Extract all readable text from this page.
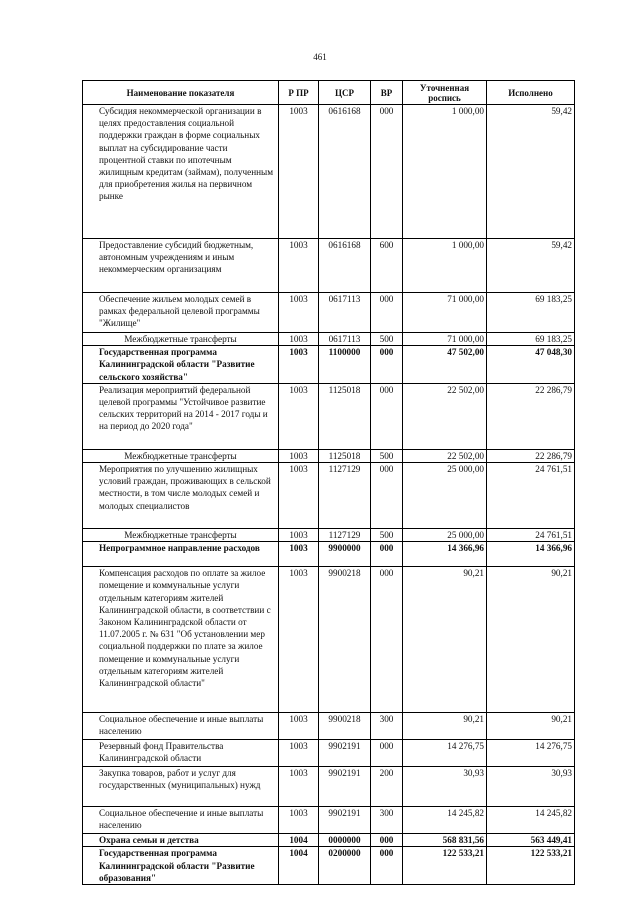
461
Наименование показателя	Р ПР	ЦСР	ВР	Уточненная роспись	Исполнено
Субсидия некоммерческой организации в целях предоставления социальной поддержки граждан в форме социальных выплат на субсидирование части процентной ставки по ипотечным жилищным кредитам (займам), полученным для приобретения жилья на первичном рынке	1003	0616168	000	1 000,00	59,42
Предоставление субсидий бюджетным, автономным учреждениям и иным некоммерческим организациям	1003	0616168	600	1 000,00	59,42
Обеспечение жильем молодых семей в рамках федеральной целевой программы "Жилище"	1003	0617113	000	71 000,00	69 183,25
Межбюджетные трансферты	1003	0617113	500	71 000,00	69 183,25
Государственная программа Калининградской области "Развитие сельского хозяйства"	1003	1100000	000	47 502,00	47 048,30
Реализация мероприятий федеральной целевой программы "Устойчивое развитие сельских территорий на 2014 - 2017 годы и на период до 2020 года"	1003	1125018	000	22 502,00	22 286,79
Межбюджетные трансферты	1003	1125018	500	22 502,00	22 286,79
Мероприятия по улучшению жилищных условий граждан, проживающих в сельской местности, в том числе молодых семей и молодых специалистов	1003	1127129	000	25 000,00	24 761,51
Межбюджетные трансферты	1003	1127129	500	25 000,00	24 761,51
Непрограммное направление расходов	1003	9900000	000	14 366,96	14 366,96
Компенсация расходов по оплате за жилое помещение и коммунальные услуги отдельным категориям жителей Калининградской области, в соответствии с Законом Калининградской области от 11.07.2005 г. № 631 "Об установлении мер социальной поддержки по плате за жилое помещение и коммунальные услуги отдельным категориям жителей Калининградской области"	1003	9900218	000	90,21	90,21
Социальное обеспечение и иные выплаты населению	1003	9900218	300	90,21	90,21
Резервный фонд Правительства Калининградской области	1003	9902191	000	14 276,75	14 276,75
Закупка товаров, работ и услуг для государственных (муниципальных) нужд	1003	9902191	200	30,93	30,93
Социальное обеспечение и иные выплаты населению	1003	9902191	300	14 245,82	14 245,82
Охрана семьи и детства	1004	0000000	000	568 831,56	563 449,41
Государственная программа Калининградской области "Развитие образования"	1004	0200000	000	122 533,21	122 533,21
